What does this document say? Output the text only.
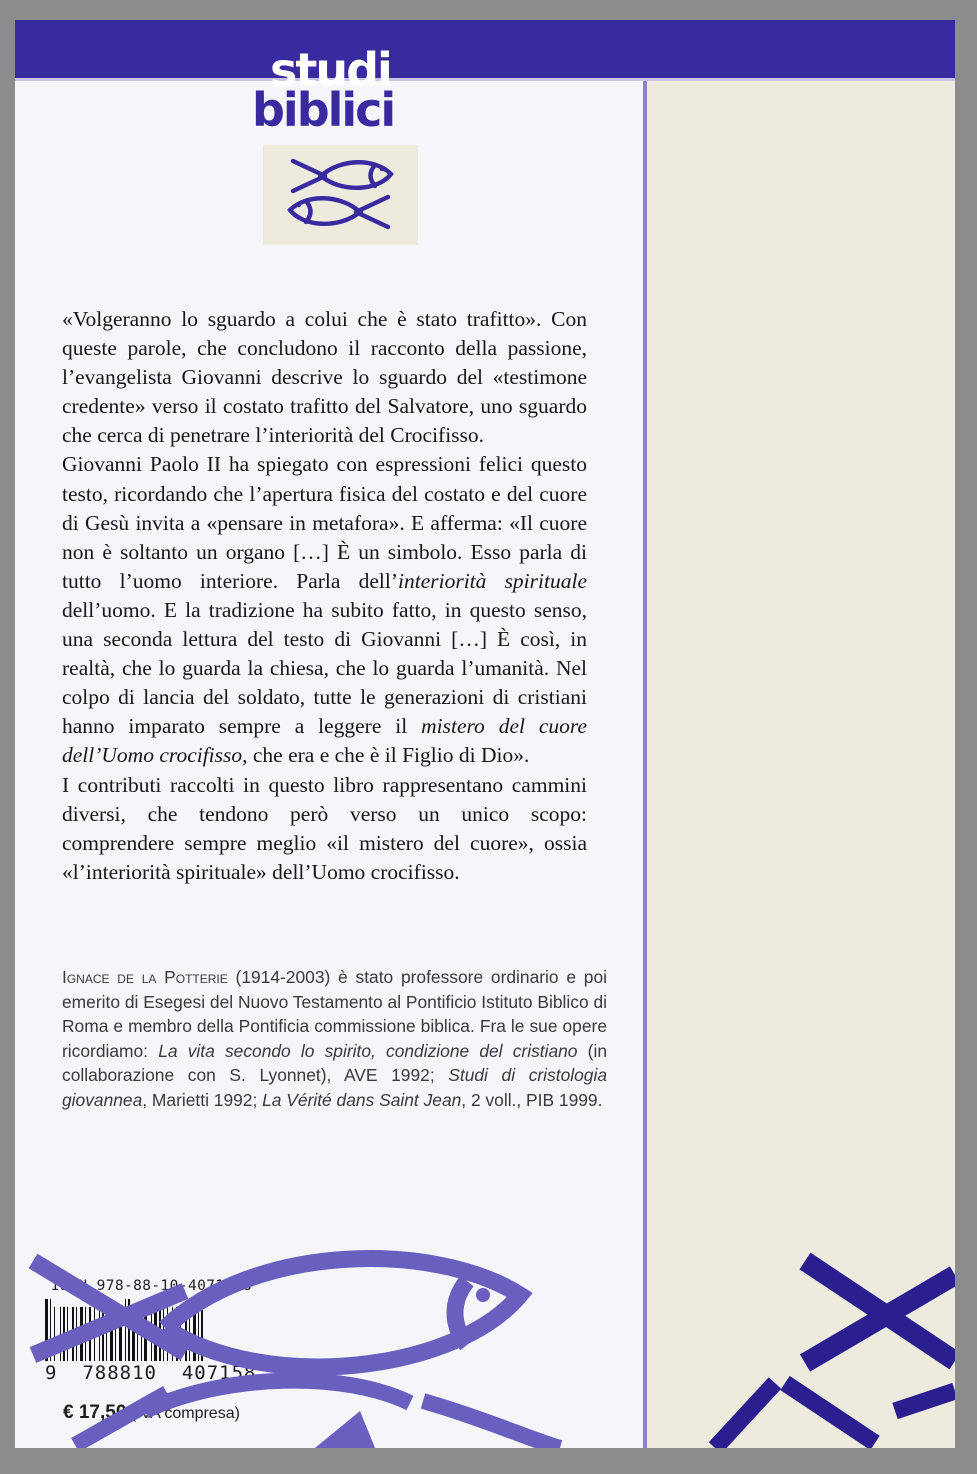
studi
biblici

«Volgeranno lo sguardo a colui che è stato trafitto». Con queste parole, che concludono il racconto della passione, l’evangelista Giovanni descrive lo sguardo del «testimone credente» verso il costato trafitto del Salvatore, uno sguardo che cerca di penetrare l’interiorità del Crocifisso.

Giovanni Paolo II ha spiegato con espressioni felici questo testo, ricordando che l’apertura fisica del costato e del cuore di Gesù invita a «pensare in metafora». E afferma: «Il cuore non è soltanto un organo […] È un simbolo. Esso parla di tutto l’uomo interiore. Parla dell’interiorità spirituale dell’uomo. E la tradizione ha subito fatto, in questo senso, una seconda lettura del testo di Giovanni […] È così, in realtà, che lo guarda la chiesa, che lo guarda l’umanità. Nel colpo di lancia del soldato, tutte le generazioni di cristiani hanno imparato sempre a leggere il mistero del cuore dell’Uomo crocifisso, che era e che è il Figlio di Dio».

I contributi raccolti in questo libro rappresentano cammini diversi, che tendono però verso un unico scopo: comprendere sempre meglio «il mistero del cuore», ossia «l’interiorità spirituale» dell’Uomo crocifisso.

Ignace de la Potterie (1914-2003) è stato professore ordinario e poi emerito di Esegesi del Nuovo Testamento al Pontificio Istituto Biblico di Roma e membro della Pontificia commissione biblica. Fra le sue opere ricordiamo: La vita secondo lo spirito, condizione del cristiano (in collaborazione con S. Lyonnet), AVE 1992; Studi di cristologia giovannea, Marietti 1992; La Vérité dans Saint Jean, 2 voll., PIB 1999.
ISBN 978-88-10-40715-8
9  788810  407158  >
€ 17,50 (IVA compresa)
